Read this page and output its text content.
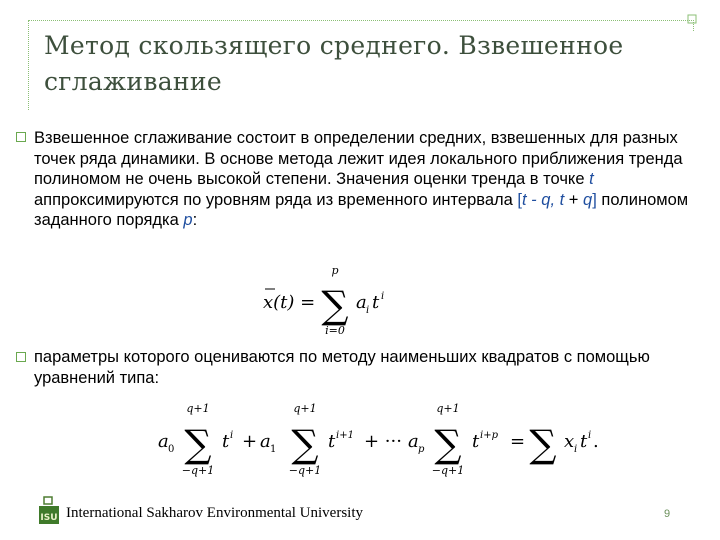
Метод скользящего среднего. Взвешенное сглаживание

Взвешенное сглаживание состоит в определении средних, взвешенных для разных точек ряда динамики. В основе метода лежит идея локального приближения тренда полиномом не очень высокой степени. Значения оценки тренда в точке t аппроксимируются по уровням ряда из временного интервала [t - q, t + q] полиномом заданного порядка p:

x(t) =
p
∑
i=0
a i t i

параметры которого оцениваются по методу наименьших квадратов с помощью уравнений типа:

a 0
q+1
∑
−q+1
t i + a 1
q+1
∑
−q+1
t i+1 + ··· a p
q+1
∑
−q+1
t i+p = ∑ x i t i .
ISU International Sakharov Environmental University	9
